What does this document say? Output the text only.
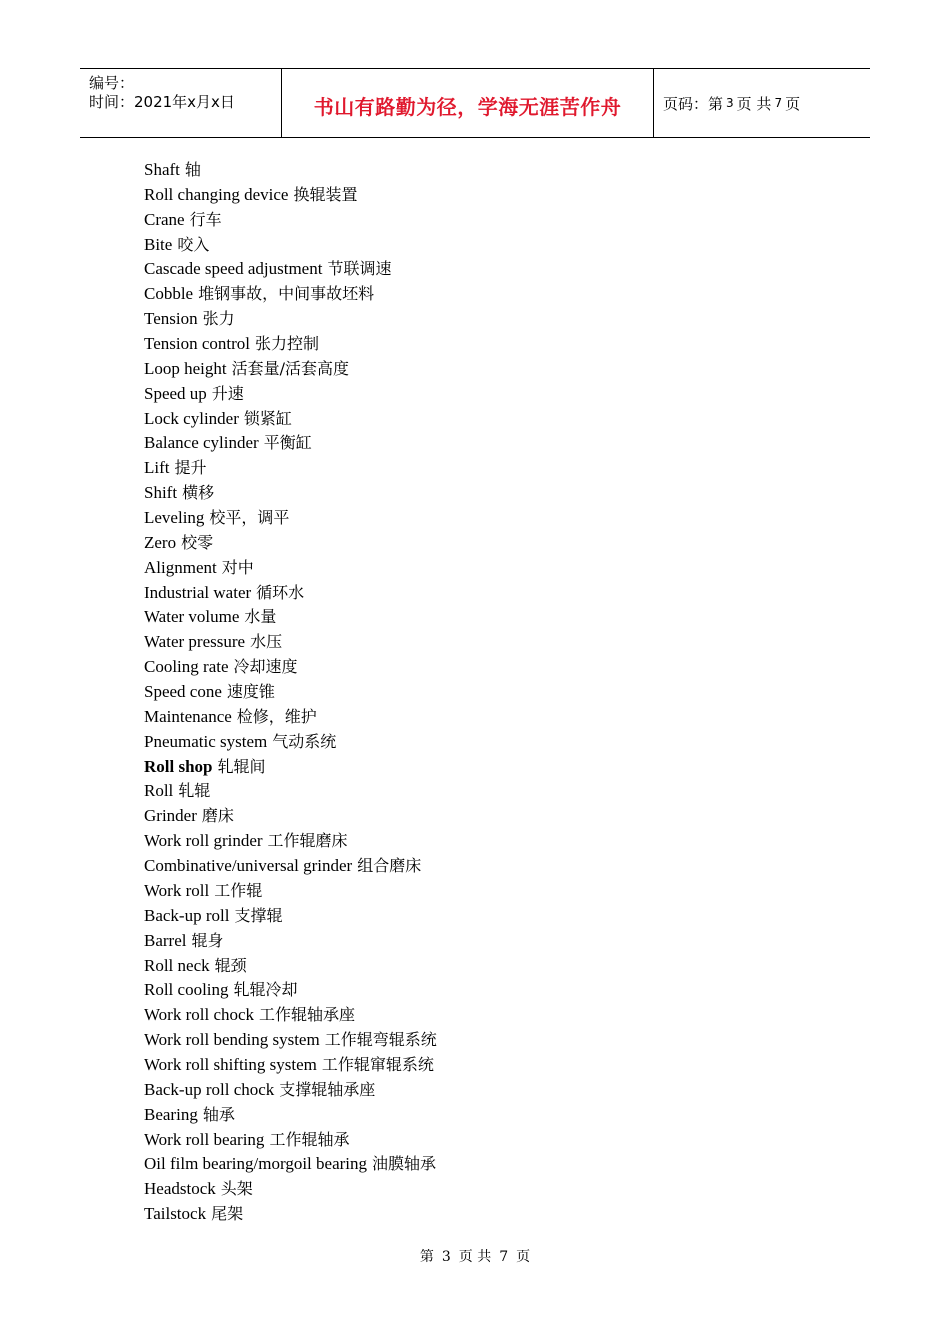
编号：
时间：2021年x月x日	书山有路勤为径，学海无涯苦作舟	页码：第 3 页 共 7 页
Shaft 轴
Roll changing device 换辊装置
Crane 行车
Bite 咬入
Cascade speed adjustment 节联调速
Cobble 堆钢事故，中间事故坯料
Tension 张力
Tension control 张力控制
Loop height 活套量/活套高度
Speed up 升速
Lock cylinder 锁紧缸
Balance cylinder 平衡缸
Lift 提升
Shift 横移
Leveling 校平，调平
Zero 校零
Alignment 对中
Industrial water 循环水
Water volume 水量
Water pressure 水压
Cooling rate 冷却速度
Speed cone 速度锥
Maintenance 检修，维护
Pneumatic system 气动系统
Roll shop 轧辊间
Roll 轧辊
Grinder 磨床
Work roll grinder 工作辊磨床
Combinative/universal grinder 组合磨床
Work roll 工作辊
Back-up roll 支撑辊
Barrel 辊身
Roll neck 辊颈
Roll cooling 轧辊冷却
Work roll chock 工作辊轴承座
Work roll bending system 工作辊弯辊系统
Work roll shifting system 工作辊窜辊系统
Back-up roll chock 支撑辊轴承座
Bearing 轴承
Work roll bearing 工作辊轴承
Oil film bearing/morgoil bearing 油膜轴承
Headstock 头架
Tailstock 尾架
第 3 页 共 7 页
